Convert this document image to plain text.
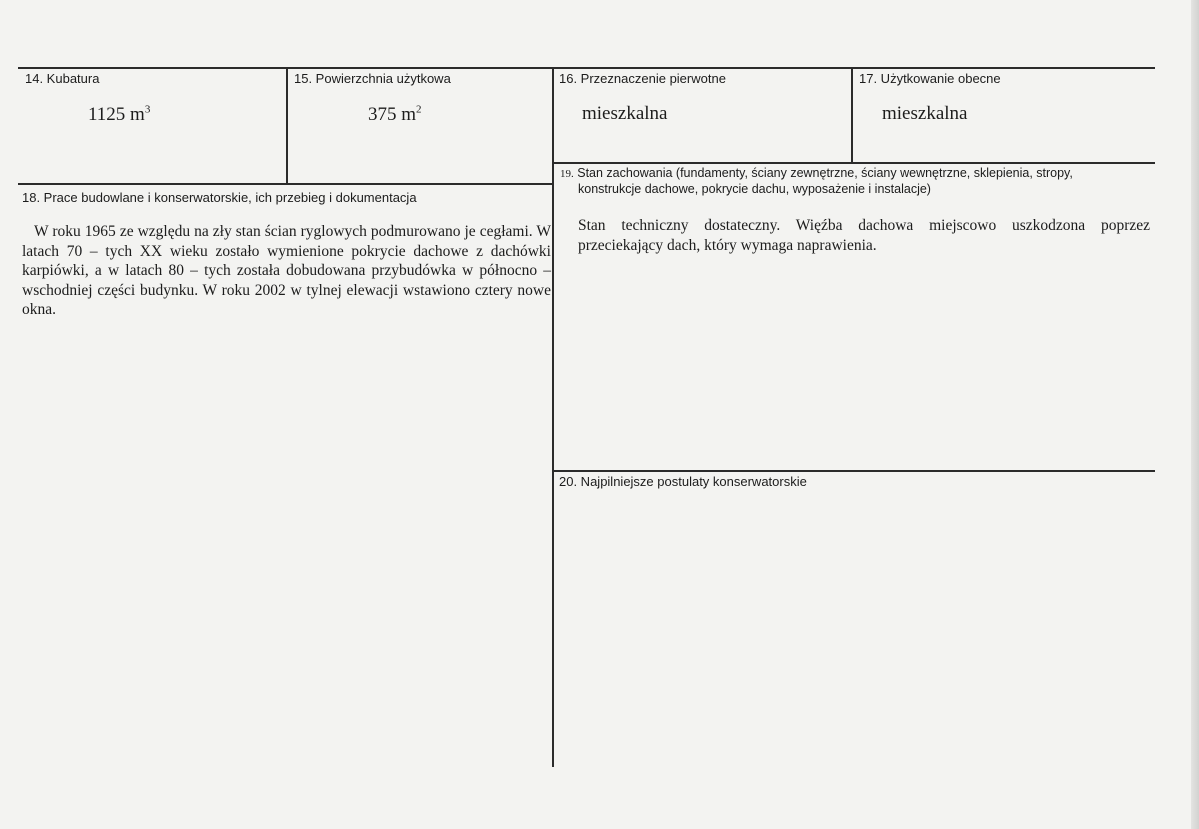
14. Kubatura
1125 $m^3$
15. Powierzchnia użytkowa
375 $m^2$
16. Przeznaczenie pierwotne
mieszkalna
17. Użytkowanie obecne
mieszkalna
18. Prace budowlane i konserwatorskie, ich przebieg i dokumentacja
W roku 1965 ze względu na zły stan ścian ryglowych podmurowano je cegłami. W latach 70 – tych XX wieku zostało wymienione pokrycie dachowe z dachówki karpiówki, a w latach 80 – tych została dobudowana przybudówka w północno – wschodniej części budynku. W roku 2002 w tylnej elewacji wstawiono cztery nowe okna.
19. Stan zachowania (fundamenty, ściany zewnętrzne, ściany wewnętrzne, sklepienia, stropy,
konstrukcje dachowe, pokrycie dachu, wyposażenie i instalacje)
Stan techniczny dostateczny. Więźba dachowa miejscowo uszkodzona poprzez przeciekający dach, który wymaga naprawienia.
20. Najpilniejsze postulaty konserwatorskie
